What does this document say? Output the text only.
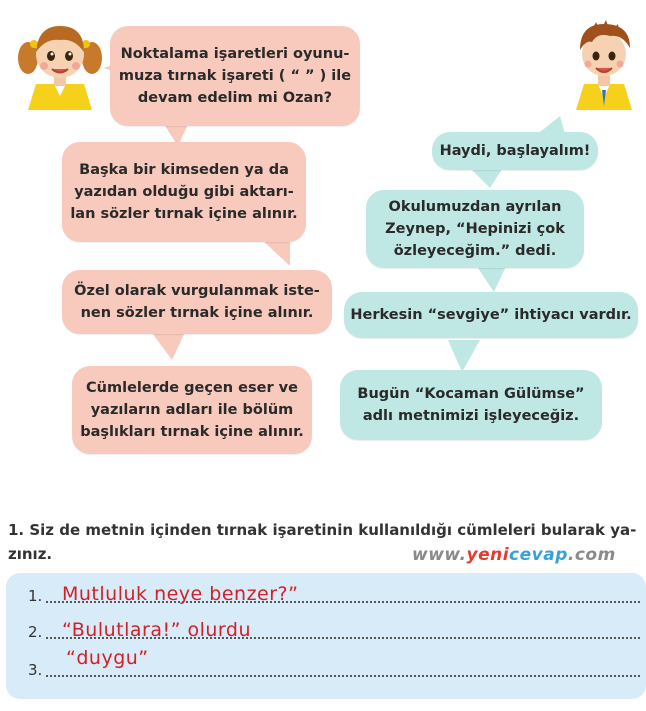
Noktalama işaretleri oyunu-
muza tırnak işareti ( “ ” ) ile
devam edelim mi Ozan?
Başka bir kimseden ya da
yazıdan olduğu gibi aktarı-
lan sözler tırnak içine alınır.
Özel olarak vurgulanmak iste-
nen sözler tırnak içine alınır.
Cümlelerde geçen eser ve
yazıların adları ile bölüm
başlıkları tırnak içine alınır.
Haydi, başlayalım!
Okulumuzdan ayrılan
Zeynep, “Hepinizi çok
özleyeceğim.” dedi.
Herkesin “sevgiye” ihtiyacı vardır.
Bugün “Kocaman Gülümse”
adlı metnimizi işleyeceğiz.
1. Siz de metnin içinden tırnak işaretinin kullanıldığı cümleleri bularak ya-
zınız.	www.yenicevap.com
1. Mutluluk neye benzer?”
2. “Bulutlara!” olurdu
3.
“duygu”
